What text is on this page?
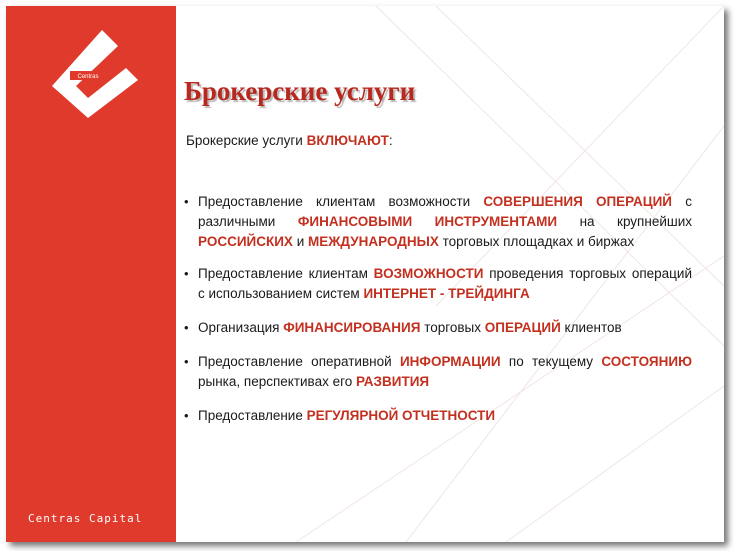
Centras
Centras Capital
Брокерские услуги

Брокерские услуги ВКЛЮЧАЮТ:

• Предоставление клиентам возможности СОВЕРШЕНИЯ ОПЕРАЦИЙ с различными ФИНАНСОВЫМИ ИНСТРУМЕНТАМИ на крупнейших РОССИЙСКИХ и МЕЖДУНАРОДНЫХ торговых площадках и биржах
• Предоставление клиентам ВОЗМОЖНОСТИ проведения торговых операций с использованием систем ИНТЕРНЕТ - ТРЕЙДИНГА
• Организация ФИНАНСИРОВАНИЯ торговых ОПЕРАЦИЙ клиентов
• Предоставление оперативной ИНФОРМАЦИИ по текущему СОСТОЯНИЮ рынка, перспективах его РАЗВИТИЯ
• Предоставление РЕГУЛЯРНОЙ ОТЧЕТНОСТИ
